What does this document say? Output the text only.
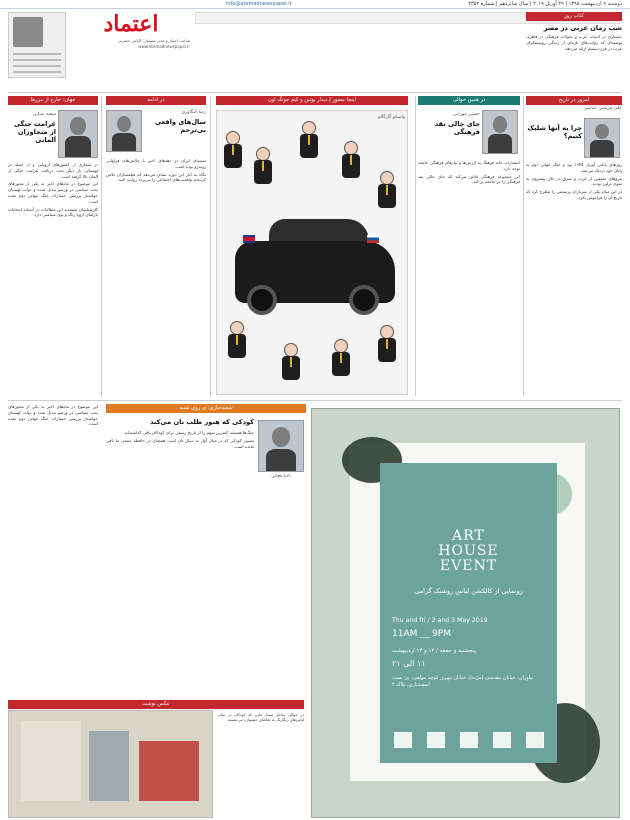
info@etemadnewspaper.ir	دوشنبه ۹ اردیبهشت ۱۳۹۸ | ۲۹ آوریل ۲۰۱۹ | سال شانزدهم | شماره ۴۳۵۲
اعتماد
صاحب امتیاز و مدیر مسئول: الیاس حضرتی
www.etemadnewspaper.ir
کتاب روز
شب زمان عربی در مصر
جستاری در ادبیات عرب و تحولات فرهنگی در قاهره، نوشته‌ای که روایت‌های تازه‌ای از زندگی روشنفکران عرب در قرن بیستم ارائه می‌دهد.
جهان: خارج از مرزها
سعید ضیایی
غرامت جنگی از متجاوزان آلمانی

در شماری از کشورهای اروپایی و از جمله در لهستان، بار دیگر بحث دریافت غرامت جنگی از آلمان بالا گرفته است.

این موضوع در ماه‌های اخیر به یکی از محورهای بحث سیاسی در ورشو تبدیل شده و دولت لهستان خواستار بررسی خسارات جنگ جهانی دوم شده است.

کارشناسان معتقدند این مطالبات در آستانه انتخابات پارلمان اروپا رنگ و بوی سیاسی دارد.

در ادامه
رضا کنگاوری
سال‌های واقعی بی‌ترحم

سینمای ایران در دهه‌های اخیر با چالش‌های فراوانی روبه‌رو بوده است.

نگاه به آثار این دوره نشان می‌دهد که فیلمسازان تلاش کرده‌اند واقعیت‌های اجتماعی را بی‌پرده روایت کنند.

اینجا مصور | دیدار پوتین و کیم جونگ اون
واسکو گارگالو
در همین حوالی
حسین مهرابی
جای خالی نقد فرهنگی

انتشارات خانه فرهنگ به ارزش‌ها و نیازهای فرهنگی جامعه توجه دارد.

این مجموعه فرهنگی تلاش می‌کند که جای خالی نقد فرهنگی را در جامعه پر کند.

امروز در تاریخ
علی مرتضی عباسی
چرا به آنها شلیک کنیم؟

روزهای پایانی آوریل ۱۹۴۵ بود و جنگ جهانی دوم به پایان خود نزدیک می‌شد.

نیروهای متفقین از غرب و شرق در حال پیشروی به سوی برلین بودند.

در این میان یکی از سربازان پرسشی را مطرح کرد که تاریخ آن را فراموش نکرد.

شعبده‌بازی: ی روی شنبه
نادیا فغانی
کودکی که هنوز طلب نان می‌کند

جنگ‌ها همیشه کمترین سهم را از تاریخ رسمی برای کودکان باقی گذاشته‌اند.

تصویر کودکی که در میان آوار به دنبال نان است همچنان در حافظه جمعی ما باقی مانده است.

این موضوع در ماه‌های اخیر به یکی از محورهای بحث سیاسی در ورشو تبدیل شده و دولت لهستان خواستار بررسی خسارات جنگ جهانی دوم شده است.

عکس نوشت
در حوالی ساحل سینا، جایی که کودکان در میان لباس‌های رنگارنگ به تماشای جشنواره می‌نشینند.
ART
HOUSE
EVENT
رونمایی از کالکشن لباس روشنک گرامی
Thu and fri / 2 and 3 May 2019
11AM __ 9PM
پنجشنبه و جمعه / ۱۲ و ۱۳ اردیبهشت
۱۱ الی ۲۱
نیاوران، خیابان مقدسی (مژده)، خیابان مهری کوچه مولفی، بن بست اسفندیاری، پلاک ۴
